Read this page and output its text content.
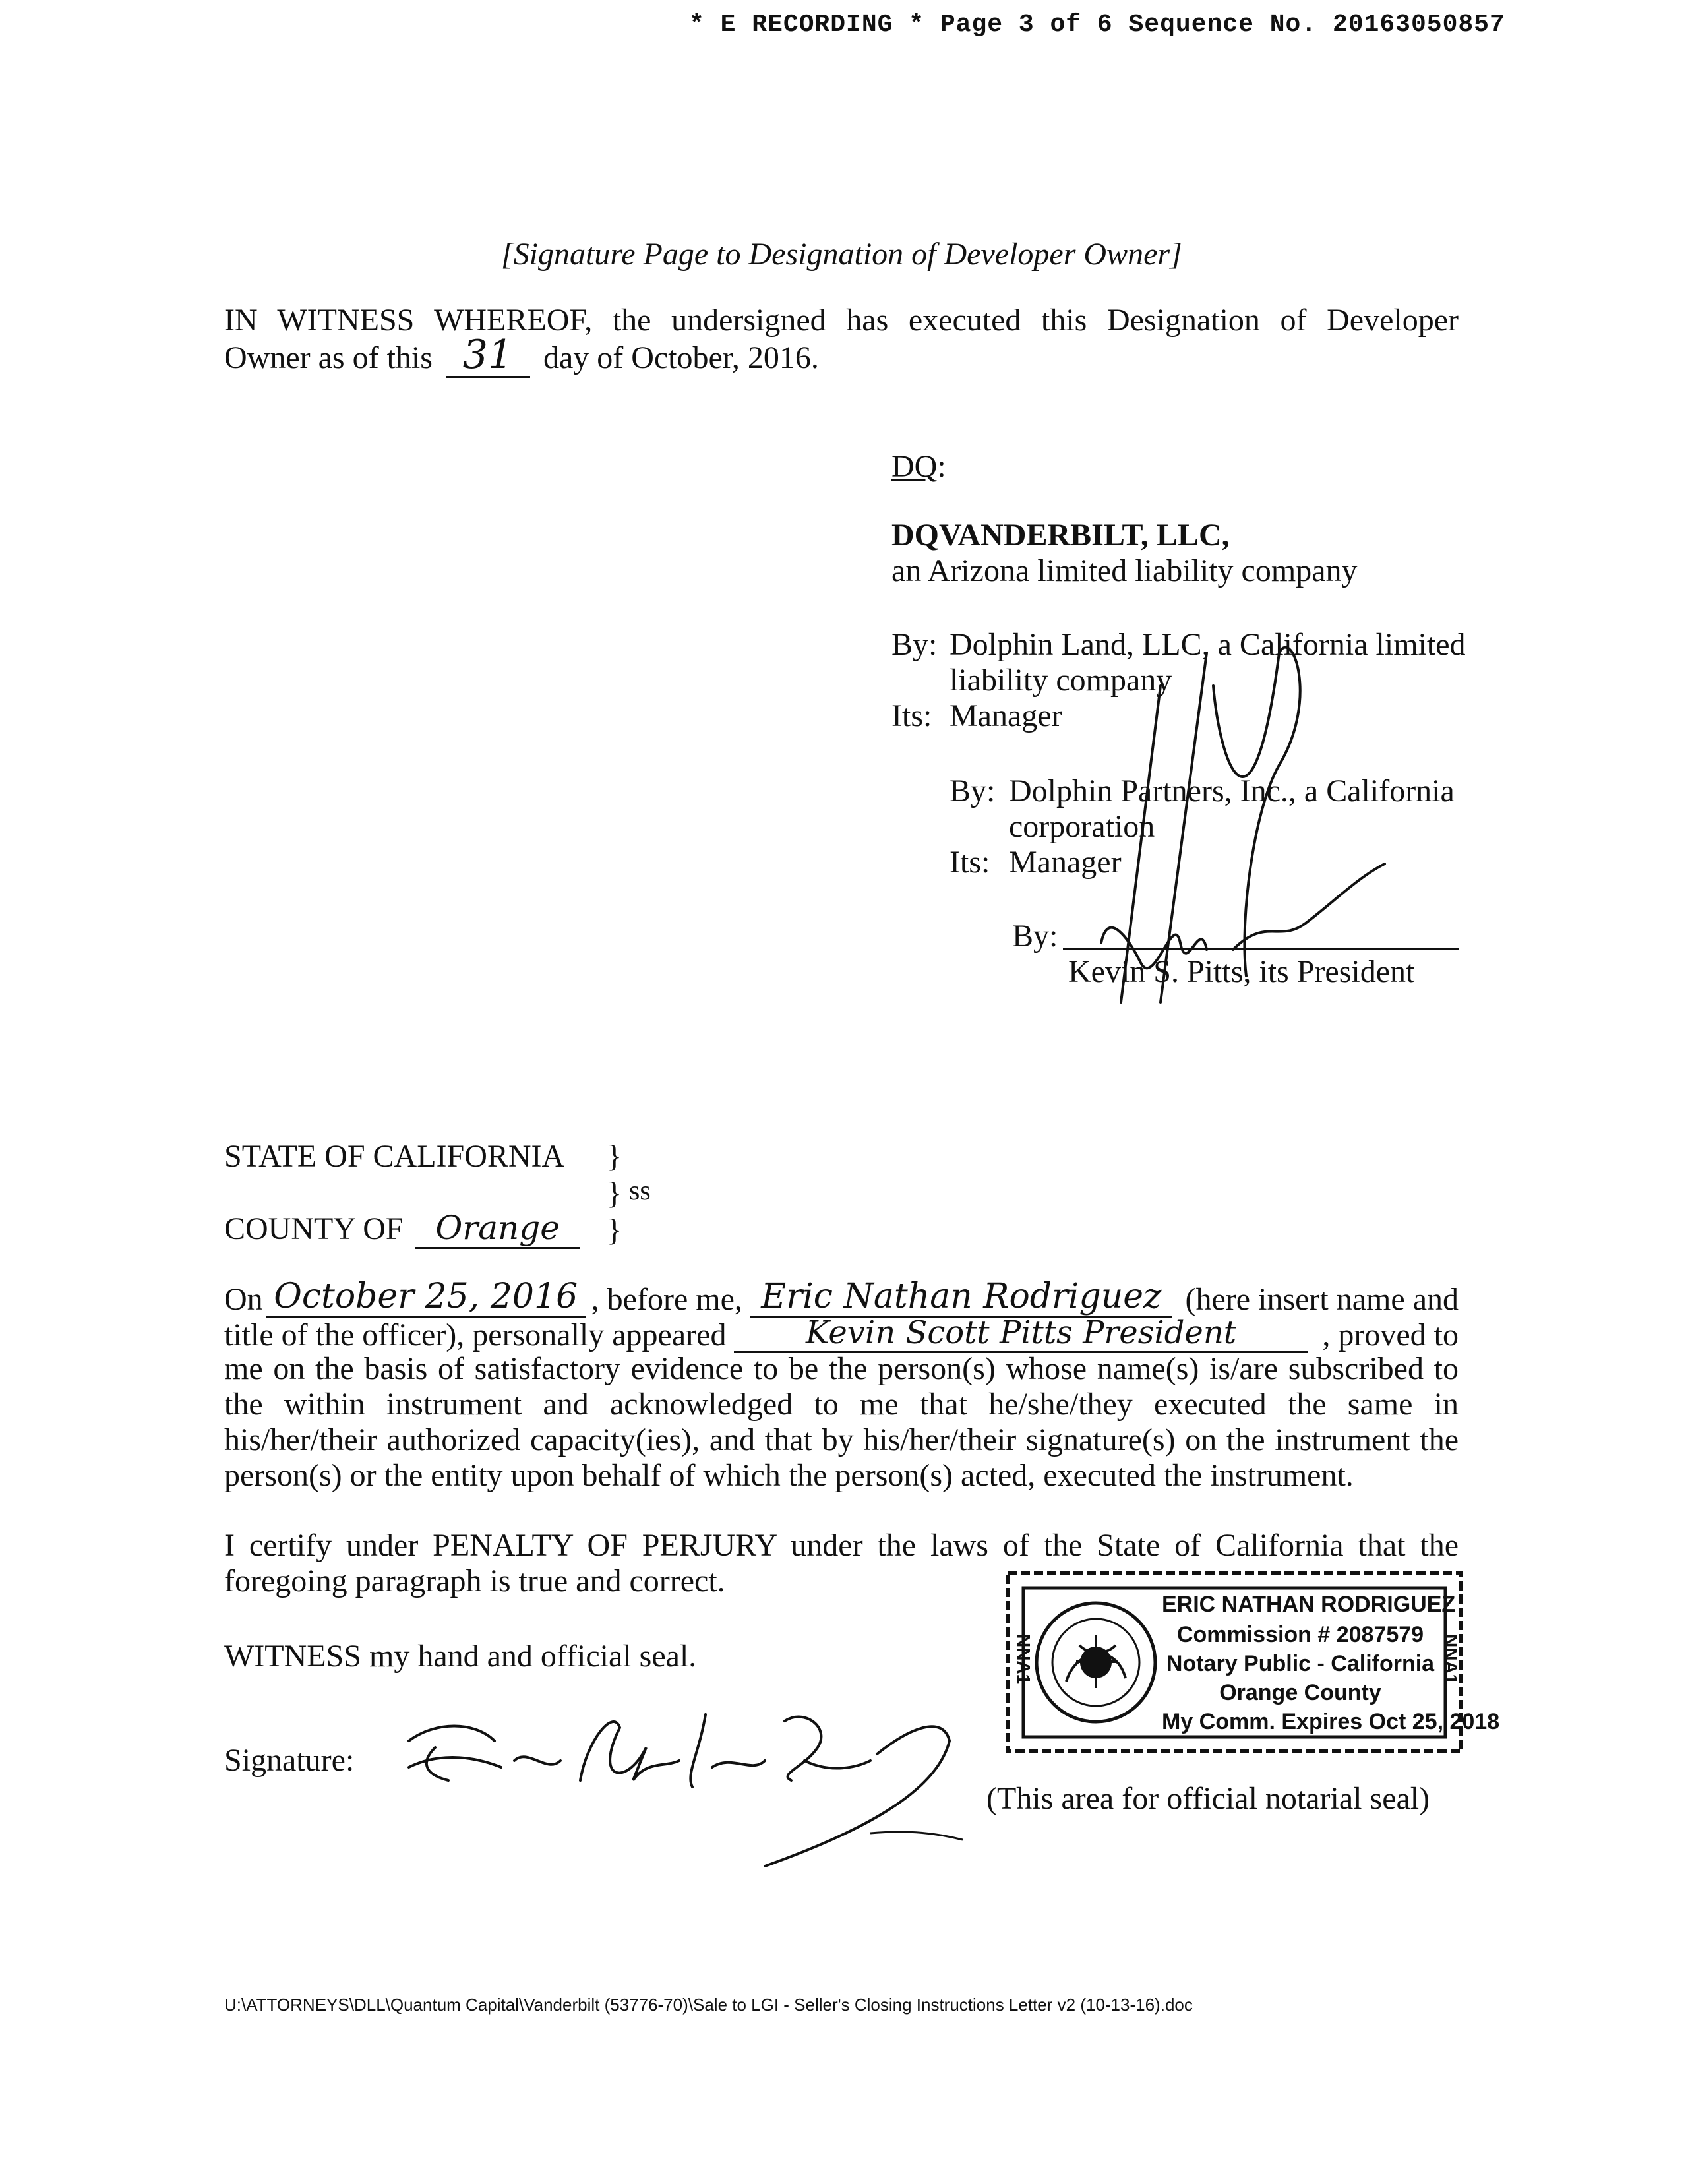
* E RECORDING * Page 3 of 6 Sequence No. 20163050857
[Signature Page to Designation of Developer Owner]
IN WITNESS WHEREOF, the undersigned has executed this Designation of Developer
Owner as of this 31 day of October, 2016.
DQ:
DQVANDERBILT, LLC,
an Arizona limited liability company
By: Dolphin Land, LLC, a California limited
liability company
Its: Manager
By: Dolphin Partners, Inc., a California
corporation
Its: Manager
By:
Kevin S. Pitts, its President
STATE OF CALIFORNIA }
} ss
}
COUNTY OF Orange
On October 25, 2016 , before me, Eric Nathan Rodriguez (here insert name and
title of the officer), personally appeared	Kevin Scott Pitts President	, proved to
me on the basis of satisfactory evidence to be the person(s) whose name(s) is/are subscribed to
the within instrument and acknowledged to me that he/she/they executed the same in
his/her/their authorized capacity(ies), and that by his/her/their signature(s) on the instrument the
person(s) or the entity upon behalf of which the person(s) acted, executed the instrument.
I certify under PENALTY OF PERJURY under the laws of the State of California that the
foregoing paragraph is true and correct.
WITNESS my hand and official seal.
Signature:
NNA1	NNA1
ERIC NATHAN RODRIGUEZ
Commission # 2087579
Notary Public - California
Orange County
My Comm. Expires Oct 25, 2018
(This area for official notarial seal)
U:\ATTORNEYS\DLL\Quantum Capital\Vanderbilt (53776-70)\Sale to LGI - Seller's Closing Instructions Letter v2 (10-13-16).doc
